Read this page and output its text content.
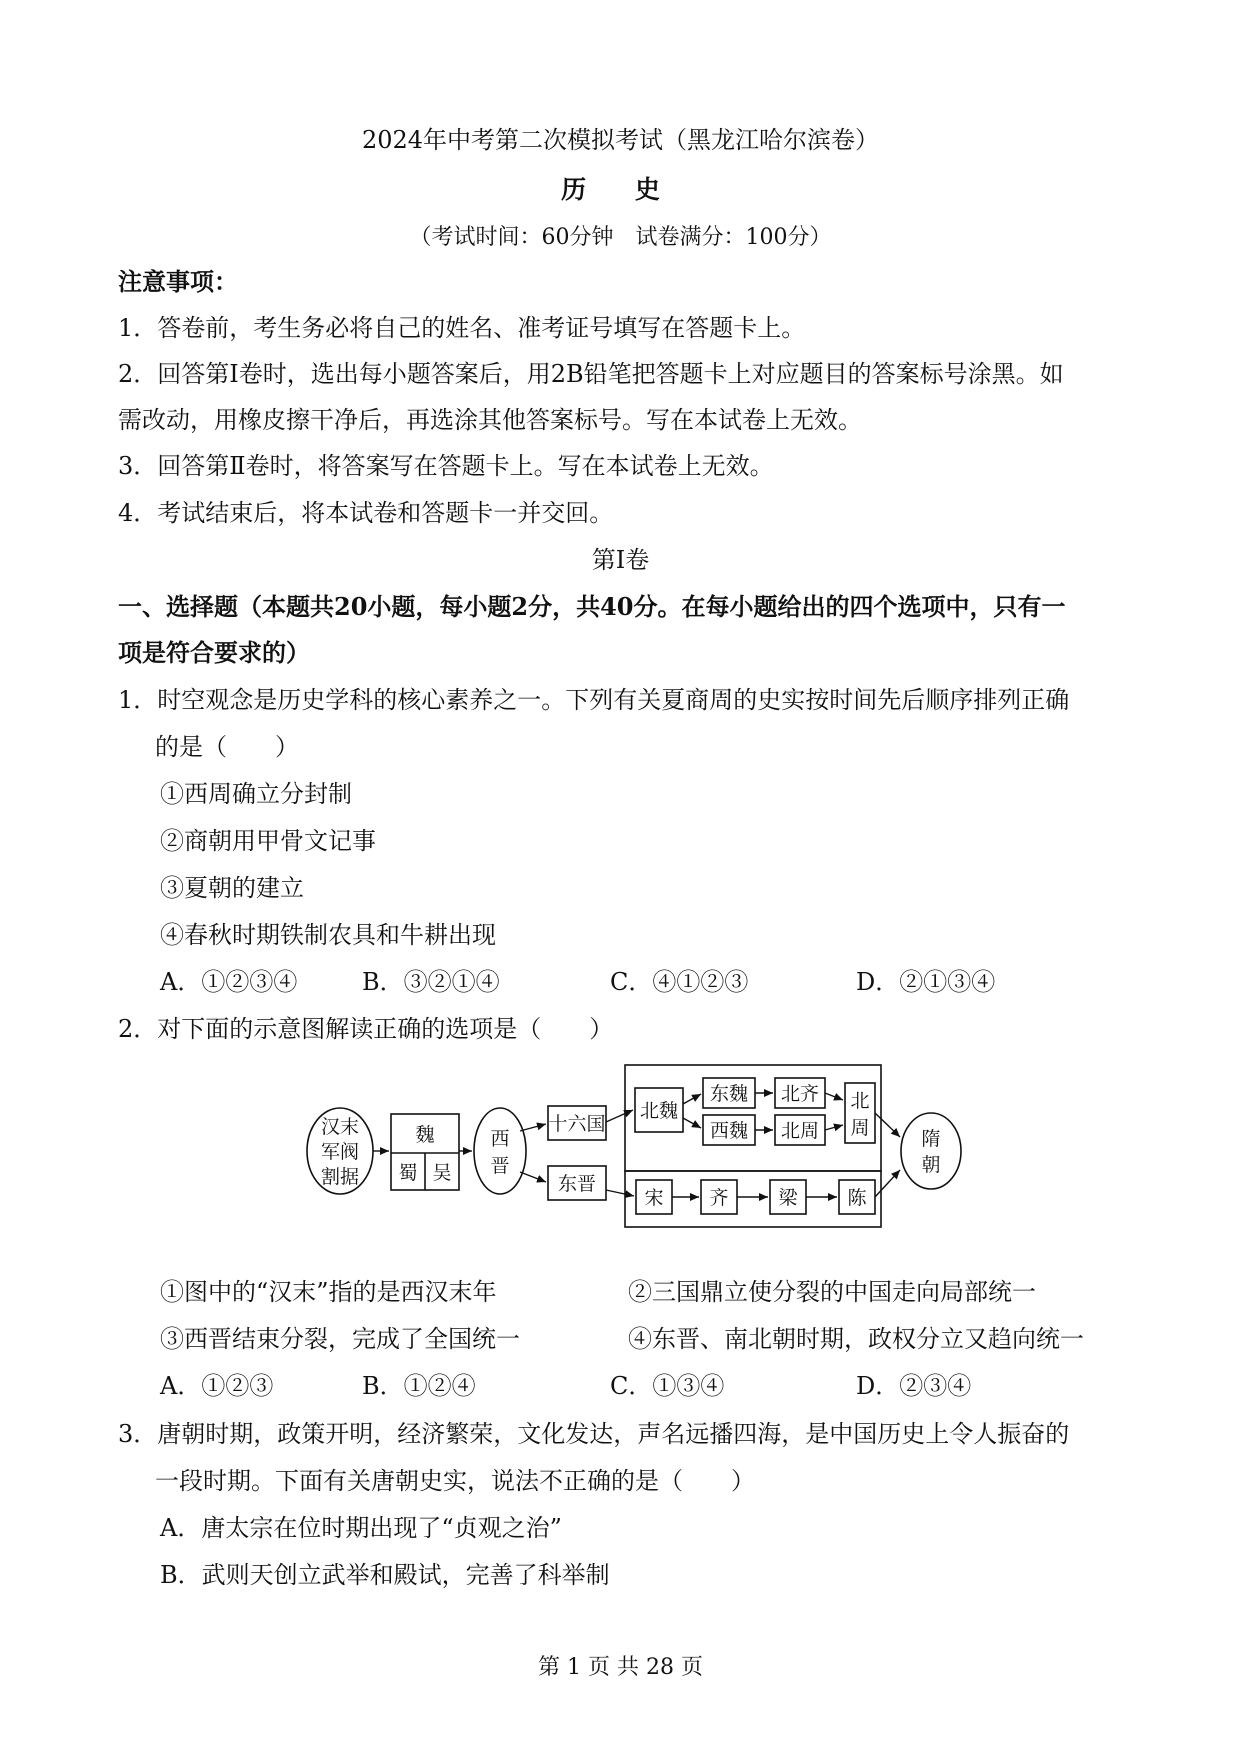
2024年中考第二次模拟考试（黑龙江哈尔滨卷）
历 史
（考试时间：60分钟　试卷满分：100分）
注意事项：
1．答卷前，考生务必将自己的姓名、准考证号填写在答题卡上。
2．回答第Ⅰ卷时，选出每小题答案后，用2B铅笔把答题卡上对应题目的答案标号涂黑。如
需改动，用橡皮擦干净后，再选涂其他答案标号。写在本试卷上无效。
3．回答第Ⅱ卷时，将答案写在答题卡上。写在本试卷上无效。
4．考试结束后，将本试卷和答题卡一并交回。
第Ⅰ卷
一、选择题（本题共20小题，每小题2分，共40分。在每小题给出的四个选项中，只有一
项是符合要求的）
1．时空观念是历史学科的核心素养之一。下列有关夏商周的史实按时间先后顺序排列正确
的是（　　）
①西周确立分封制
②商朝用甲骨文记事
③夏朝的建立
④春秋时期铁制农具和牛耕出现
A．①②③④	B．③②①④	C．④①②③	D．②①③④
2．对下面的示意图解读正确的选项是（　　）
汉末
军阀
割据
魏
蜀 吴
西
晋
十六国
东晋
北魏
东魏
西魏
北齐
北周
北
周
宋 齐	梁	陈
隋
朝
①图中的“汉末”指的是西汉末年	②三国鼎立使分裂的中国走向局部统一
③西晋结束分裂，完成了全国统一	④东晋、南北朝时期，政权分立又趋向统一
A．①②③	B．①②④	C．①③④	D．②③④
3．唐朝时期，政策开明，经济繁荣，文化发达，声名远播四海，是中国历史上令人振奋的
一段时期。下面有关唐朝史实，说法不正确的是（　　）
A．唐太宗在位时期出现了“贞观之治”
B．武则天创立武举和殿试，完善了科举制
第 1 页 共 28 页
